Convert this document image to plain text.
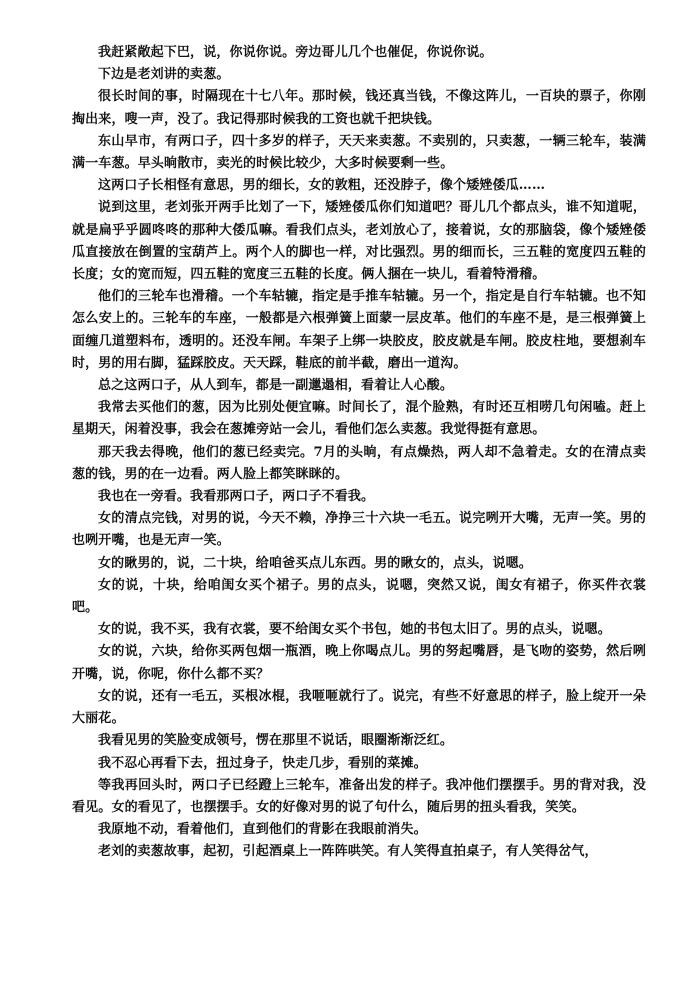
我赶紧敞起下巴，说，你说你说。旁边哥儿几个也催促，你说你说。

下边是老刘讲的卖葱。

很长时间的事，时隔现在十七八年。那时候，钱还真当钱，不像这阵儿，一百块的票子，你刚掏出来，嗖一声，没了。我记得那时候我的工资也就千把块钱。

东山早市，有两口子，四十多岁的样子，天天来卖葱。不卖别的，只卖葱，一辆三轮车，装满满一车葱。早头晌散市，卖光的时候比较少，大多时候要剩一些。

这两口子长相怪有意思，男的细长，女的敦粗，还没脖子，像个矮矬倭瓜……

说到这里，老刘张开两手比划了一下，矮矬倭瓜你们知道吧？哥儿几个都点头，谁不知道呢，就是扁乎乎圆咚咚的那种大倭瓜嘛。看我们点头，老刘放心了，接着说，女的那脑袋，像个矮矬倭瓜直接放在倒置的宝葫芦上。两个人的脚也一样，对比强烈。男的细而长，三五鞋的宽度四五鞋的长度；女的宽而短，四五鞋的宽度三五鞋的长度。俩人捆在一块儿，看着特滑稽。

他们的三轮车也滑稽。一个车轱辘，指定是手推车轱辘。另一个，指定是自行车轱辘。也不知怎么安上的。三轮车的车座，一般都是六根弹簧上面蒙一层皮革。他们的车座不是，是三根弹簧上面缠几道塑料布，透明的。还没车闸。车架子上绑一块胶皮，胶皮就是车闸。胶皮柱地，要想刹车时，男的用右脚，猛踩胶皮。天天踩，鞋底的前半截，磨出一道沟。

总之这两口子，从人到车，都是一副邋遢相，看着让人心酸。

我常去买他们的葱，因为比别处便宜嘛。时间长了，混个脸熟，有时还互相唠几句闲嗑。赶上星期天，闲着没事，我会在葱摊旁站一会儿，看他们怎么卖葱。我觉得挺有意思。

那天我去得晚，他们的葱已经卖完。7月的头晌，有点燥热，两人却不急着走。女的在清点卖葱的钱，男的在一边看。两人脸上都笑眯眯的。

我也在一旁看。我看那两口子，两口子不看我。

女的清点完钱，对男的说，今天不赖，净挣三十六块一毛五。说完咧开大嘴，无声一笑。男的也咧开嘴，也是无声一笑。

女的瞅男的，说，二十块，给咱爸买点儿东西。男的瞅女的，点头，说嗯。

女的说，十块，给咱闺女买个裙子。男的点头，说嗯，突然又说，闺女有裙子，你买件衣裳吧。

女的说，我不买，我有衣裳，要不给闺女买个书包，她的书包太旧了。男的点头，说嗯。

女的说，六块，给你买两包烟一瓶酒，晚上你喝点儿。男的努起嘴唇，是飞吻的姿势，然后咧开嘴，说，你呢，你什么都不买？

女的说，还有一毛五，买根冰棍，我咂咂就行了。说完，有些不好意思的样子，脸上绽开一朵大丽花。

我看见男的笑脸变成领号，愣在那里不说话，眼圈渐渐泛红。

我不忍心再看下去，扭过身子，快走几步，看别的菜摊。

等我再回头时，两口子已经蹬上三轮车，准备出发的样子。我冲他们摆摆手。男的背对我，没看见。女的看见了，也摆摆手。女的好像对男的说了句什么，随后男的扭头看我，笑笑。

我原地不动，看着他们，直到他们的背影在我眼前消失。

老刘的卖葱故事，起初，引起酒桌上一阵阵哄笑。有人笑得直拍桌子，有人笑得岔气，
